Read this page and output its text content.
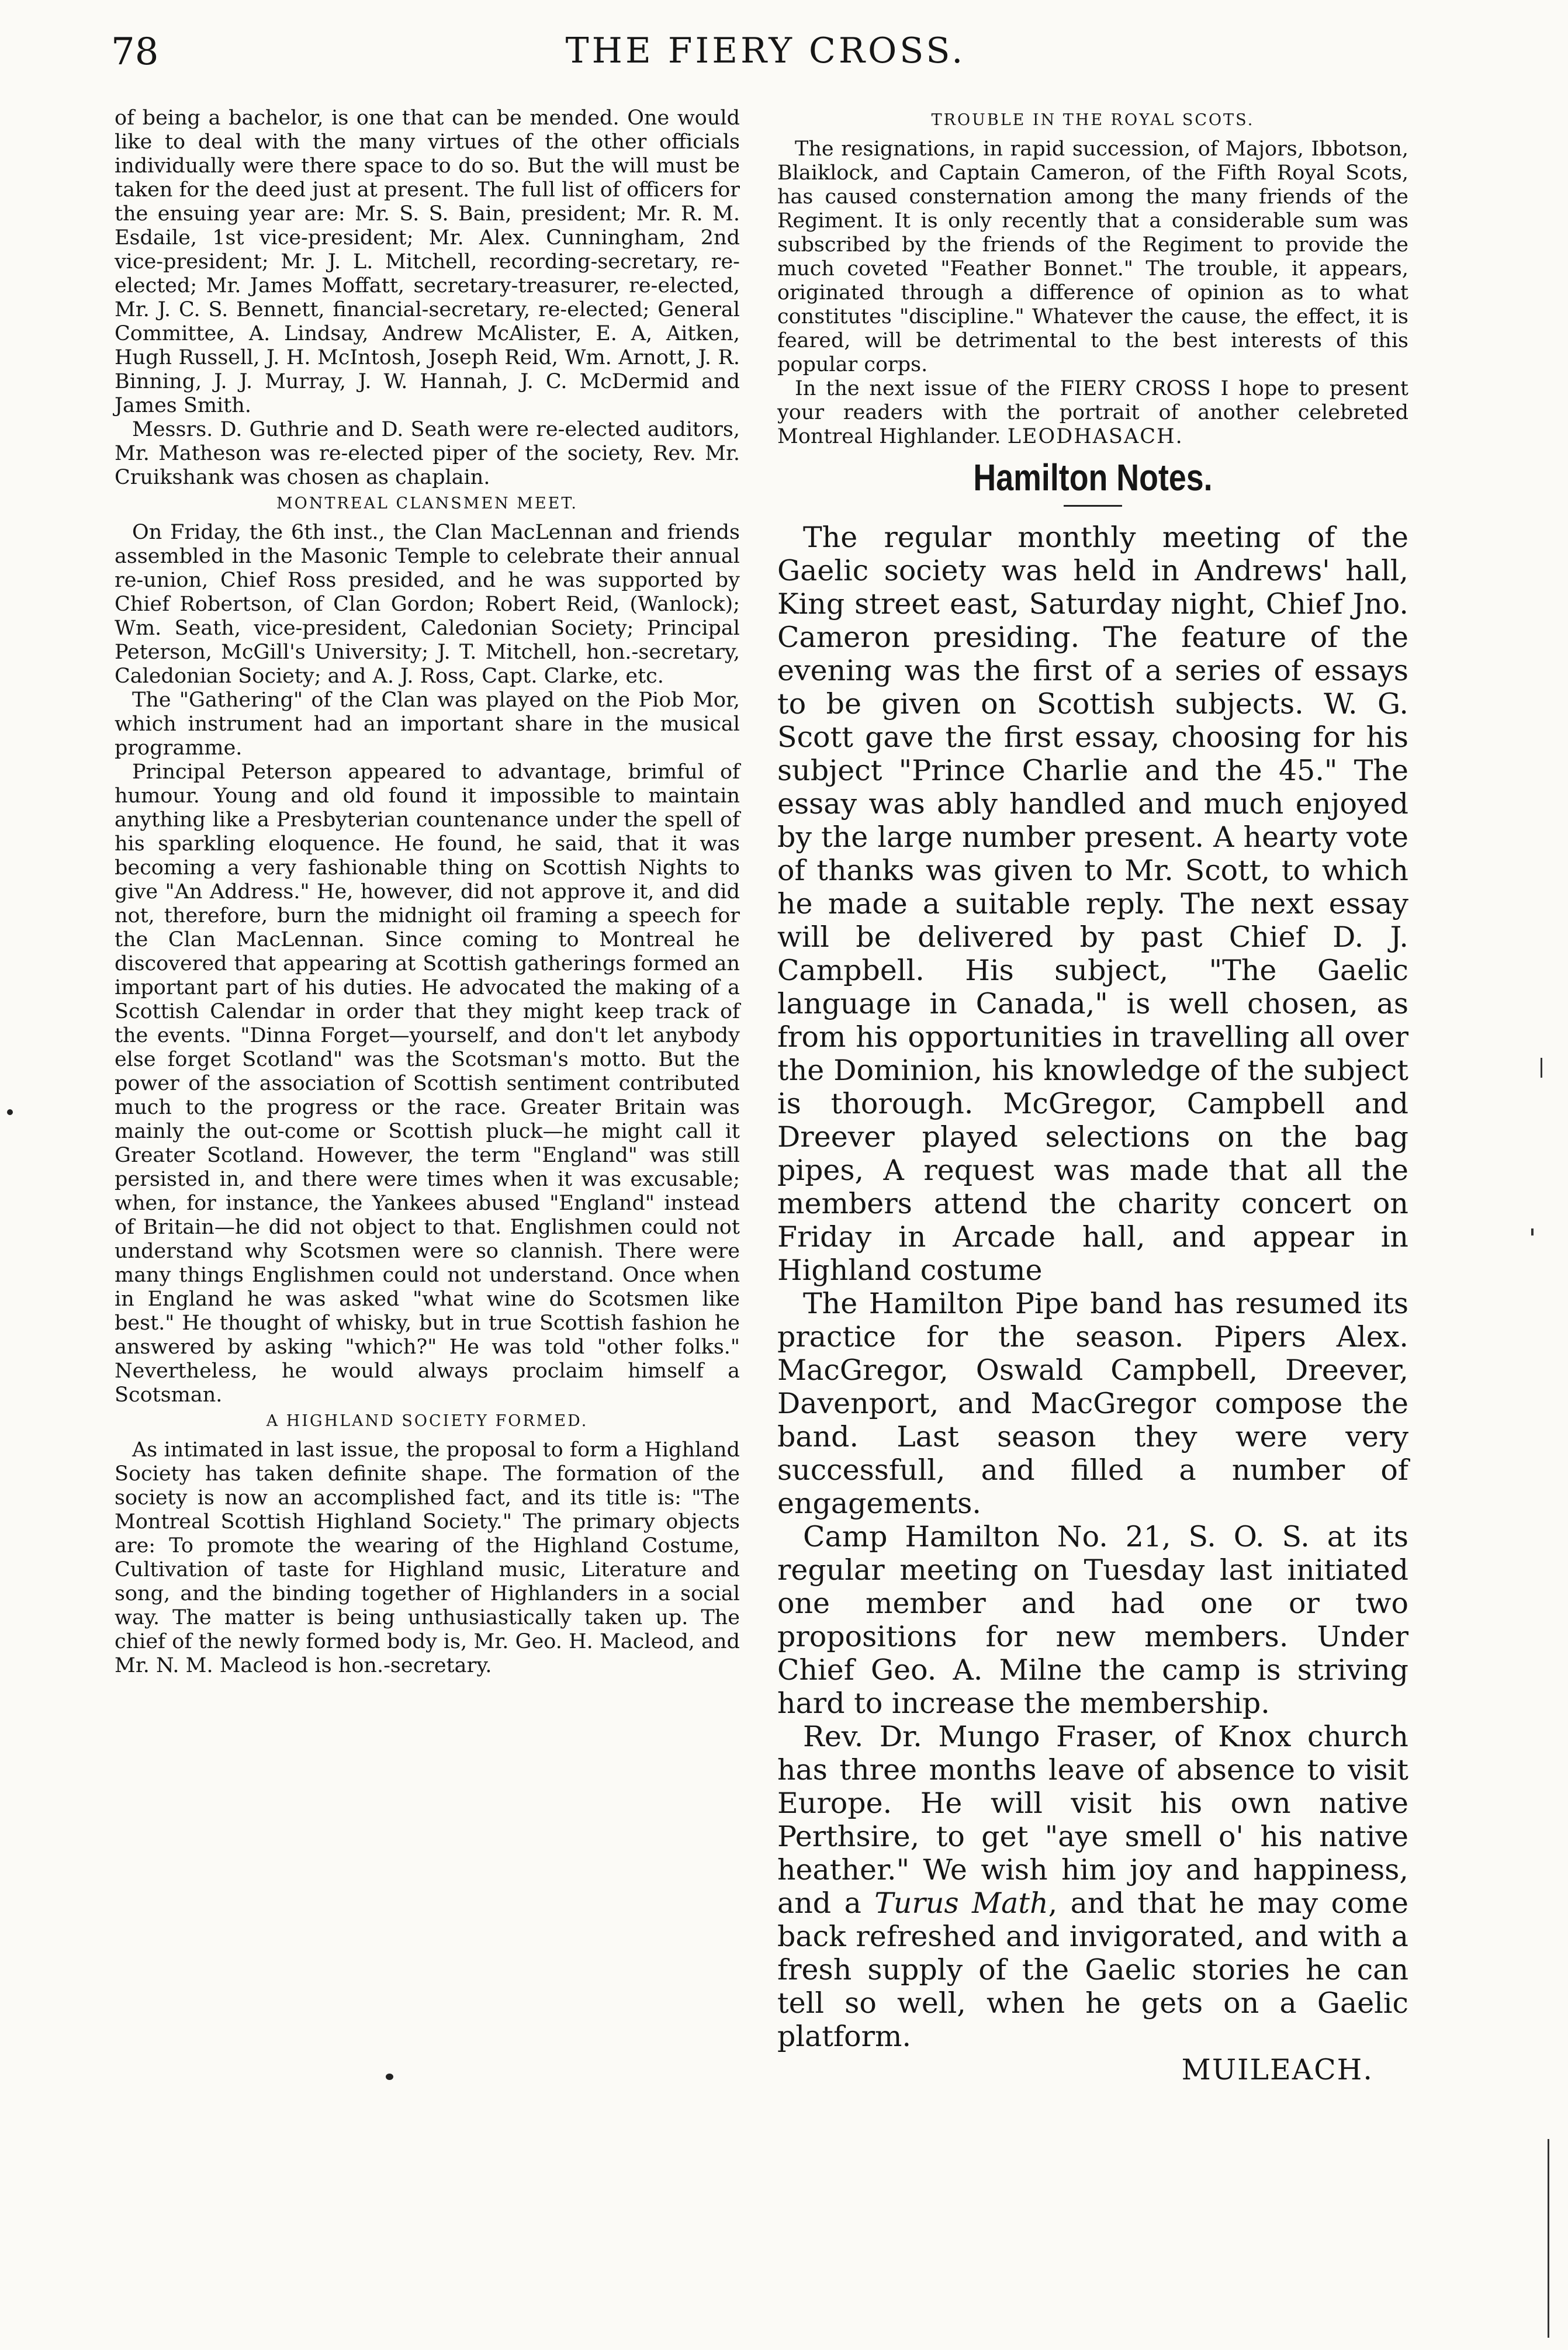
78	THE FIERY CROSS.

of being a bachelor, is one that can be mended. One would like to deal with the many virtues of the other officials individually were there space to do so. But the will must be taken for the deed just at present. The full list of officers for the ensuing year are: Mr. S. S. Bain, president; Mr. R. M. Esdaile, 1st vice-president; Mr. Alex. Cunningham, 2nd vice-president; Mr. J. L. Mitchell, recording-secretary, re-elected; Mr. James Moffatt, secretary-treasurer, re-elected, Mr. J. C. S. Bennett, financial-secretary, re-elected; General Committee, A. Lindsay, Andrew McAlister, E. A, Aitken, Hugh Russell, J. H. McIntosh, Joseph Reid, Wm. Arnott, J. R. Binning, J. J. Murray, J. W. Hannah, J. C. McDermid and James Smith.

Messrs. D. Guthrie and D. Seath were re-elected auditors, Mr. Matheson was re-elected piper of the society, Rev. Mr. Cruikshank was chosen as chaplain.

MONTREAL CLANSMEN MEET.

On Friday, the 6th inst., the Clan MacLennan and friends assembled in the Masonic Temple to celebrate their annual re-union, Chief Ross presided, and he was supported by Chief Robertson, of Clan Gordon; Robert Reid, (Wanlock); Wm. Seath, vice-president, Caledonian Society; Principal Peterson, McGill's University; J. T. Mitchell, hon.-secretary, Caledonian Society; and A. J. Ross, Capt. Clarke, etc.

The "Gathering" of the Clan was played on the Piob Mor, which instrument had an important share in the musical programme.

Principal Peterson appeared to advantage, brimful of humour. Young and old found it impossible to maintain anything like a Presbyterian countenance under the spell of his sparkling eloquence. He found, he said, that it was becoming a very fashionable thing on Scottish Nights to give "An Address." He, however, did not approve it, and did not, therefore, burn the midnight oil framing a speech for the Clan MacLennan. Since coming to Montreal he discovered that appearing at Scottish gatherings formed an important part of his duties. He advocated the making of a Scottish Calendar in order that they might keep track of the events. "Dinna Forget—yourself, and don't let anybody else forget Scotland" was the Scotsman's motto. But the power of the association of Scottish sentiment contributed much to the progress or the race. Greater Britain was mainly the out-come or Scottish pluck—he might call it Greater Scotland. However, the term "England" was still persisted in, and there were times when it was excusable; when, for instance, the Yankees abused "England" instead of Britain—he did not object to that. Englishmen could not understand why Scotsmen were so clannish. There were many things Englishmen could not understand. Once when in England he was asked "what wine do Scotsmen like best." He thought of whisky, but in true Scottish fashion he answered by asking "which?" He was told "other folks." Nevertheless, he would always proclaim himself a Scotsman.

A HIGHLAND SOCIETY FORMED.

As intimated in last issue, the proposal to form a Highland Society has taken definite shape. The formation of the society is now an accomplished fact, and its title is: "The Montreal Scottish Highland Society." The primary objects are: To promote the wearing of the Highland Costume, Cultivation of taste for Highland music, Literature and song, and the binding together of Highlanders in a social way. The matter is being unthusiastically taken up. The chief of the newly formed body is, Mr. Geo. H. Macleod, and Mr. N. M. Macleod is hon.-secretary.

TROUBLE IN THE ROYAL SCOTS.

The resignations, in rapid succession, of Majors, Ibbotson, Blaiklock, and Captain Cameron, of the Fifth Royal Scots, has caused consternation among the many friends of the Regiment. It is only recently that a considerable sum was subscribed by the friends of the Regiment to provide the much coveted "Feather Bonnet." The trouble, it appears, originated through a difference of opinion as to what constitutes "discipline." Whatever the cause, the effect, it is feared, will be detrimental to the best interests of this popular corps.

In the next issue of the FIERY CROSS I hope to present your readers with the portrait of another celebreted Montreal Highlander. LEODHASACH.

Hamilton Notes.

The regular monthly meeting of the Gaelic society was held in Andrews' hall, King street east, Saturday night, Chief Jno. Cameron presiding. The feature of the evening was the first of a series of essays to be given on Scottish subjects. W. G. Scott gave the first essay, choosing for his subject "Prince Charlie and the 45." The essay was ably handled and much enjoyed by the large number present. A hearty vote of thanks was given to Mr. Scott, to which he made a suitable reply. The next essay will be delivered by past Chief D. J. Campbell. His subject, "The Gaelic language in Canada," is well chosen, as from his opportunities in travelling all over the Dominion, his knowledge of the subject is thorough. McGregor, Campbell and Dreever played selections on the bag pipes, A request was made that all the members attend the charity concert on Friday in Arcade hall, and appear in Highland costume

The Hamilton Pipe band has resumed its practice for the season. Pipers Alex. MacGregor, Oswald Campbell, Dreever, Davenport, and MacGregor compose the band. Last season they were very successfull, and filled a number of engagements.

Camp Hamilton No. 21, S. O. S. at its regular meeting on Tuesday last initiated one member and had one or two propositions for new members. Under Chief Geo. A. Milne the camp is striving hard to increase the membership.

Rev. Dr. Mungo Fraser, of Knox church has three months leave of absence to visit Europe. He will visit his own native Perthsire, to get "aye smell o' his native heather." We wish him joy and happiness, and a Turus Math, and that he may come back refreshed and invigorated, and with a fresh supply of the Gaelic stories he can tell so well, when he gets on a Gaelic platform.
MUILEACH.
